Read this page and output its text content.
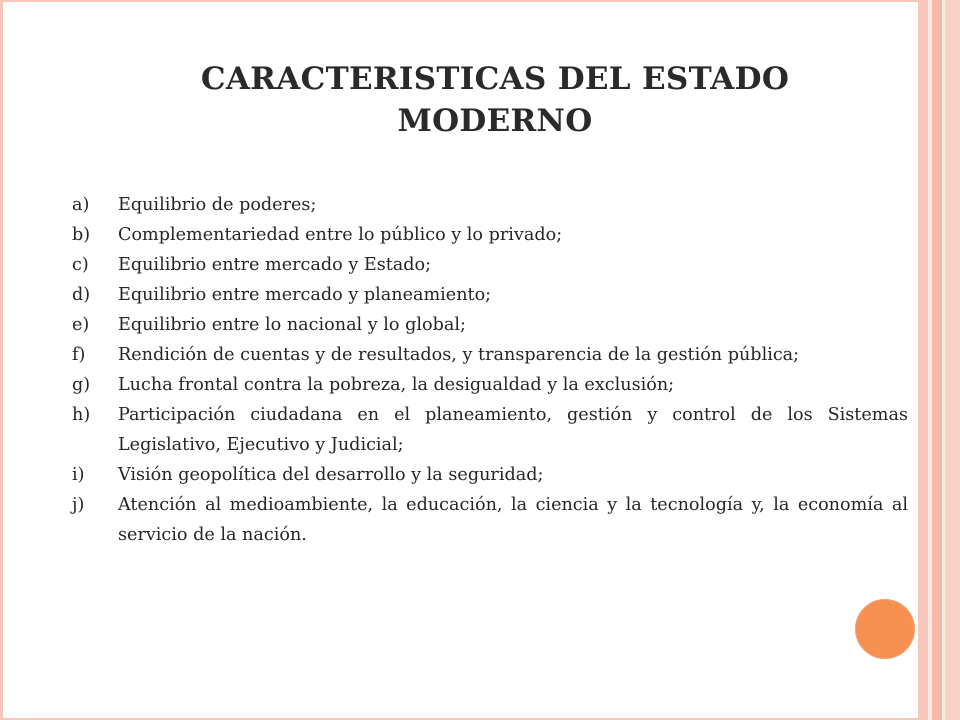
CARACTERISTICAS DEL ESTADO
MODERNO
a)	Equilibrio de poderes;
b)	Complementariedad entre lo público y lo privado;
c)	Equilibrio entre mercado y Estado;
d)	Equilibrio entre mercado y planeamiento;
e)	Equilibrio entre lo nacional y lo global;
f)	Rendición de cuentas y de resultados, y transparencia de la gestión pública;
g)	Lucha frontal contra la pobreza, la desigualdad y la exclusión;
h)	Participación ciudadana en el planeamiento, gestión y control de los Sistemas Legislativo, Ejecutivo y Judicial;
i)	Visión geopolítica del desarrollo y la seguridad;
j)	Atención al medioambiente, la educación, la ciencia y la tecnología y, la economía al servicio de la nación.
